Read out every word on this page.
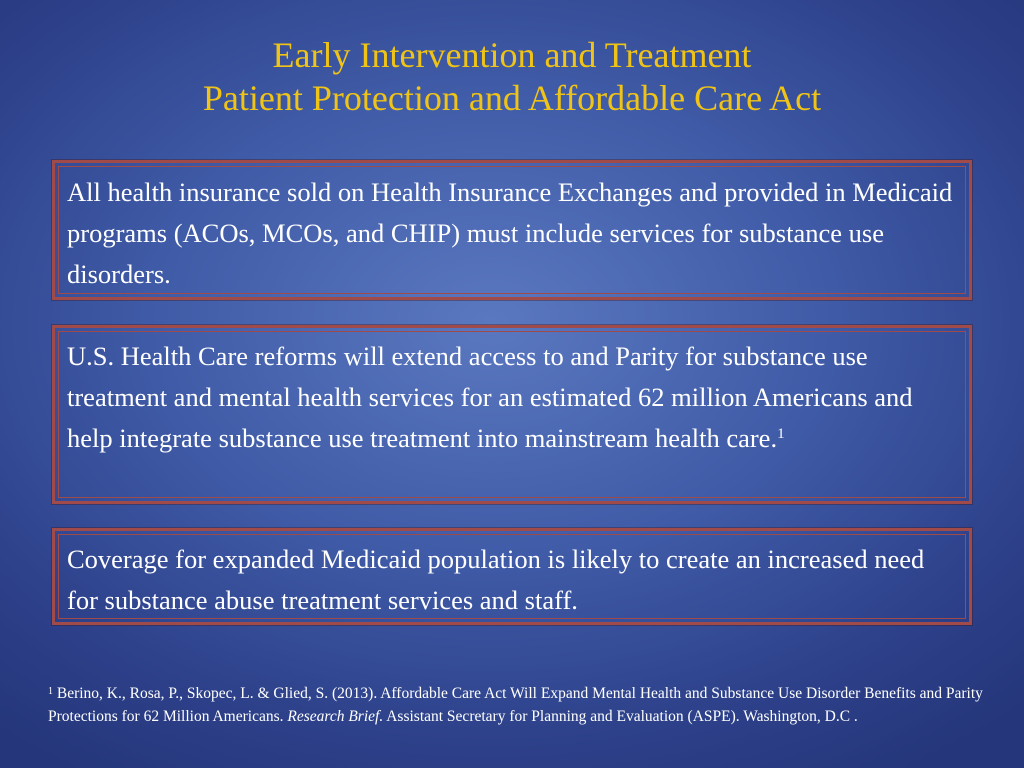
Early Intervention and Treatment
Patient Protection and Affordable Care Act
All health insurance sold on Health Insurance Exchanges and provided in Medicaid programs (ACOs, MCOs, and CHIP) must include services for substance use disorders.
U.S. Health Care reforms will extend access to and Parity for substance use treatment and mental health services for an estimated 62 million Americans and help integrate substance use treatment into mainstream health care.$^1$
Coverage for expanded Medicaid population is likely to create an increased need for substance abuse treatment services and staff.
$^1$ Berino, K., Rosa, P., Skopec, L. & Glied, S. (2013). Affordable Care Act Will Expand Mental Health and Substance Use Disorder Benefits and Parity Protections for 62 Million Americans. Research Brief. Assistant Secretary for Planning and Evaluation (ASPE). Washington, D.C .
